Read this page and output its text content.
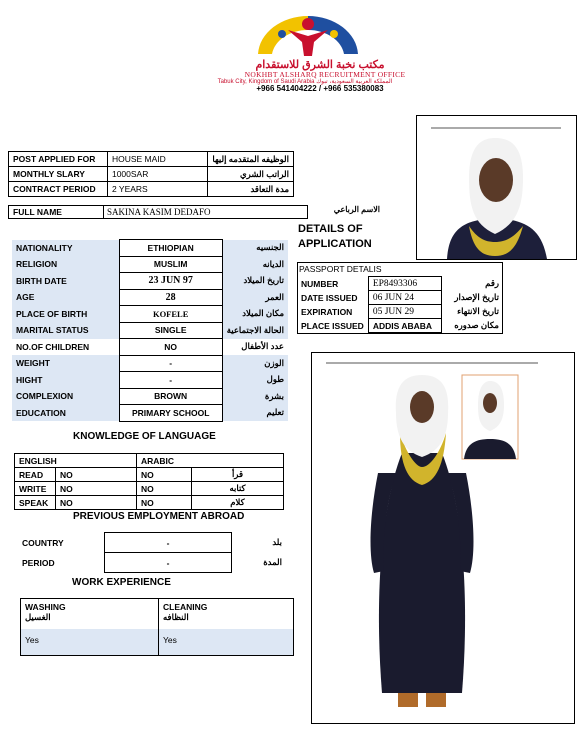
مكتب نخبة الشرق للاستقدام
NOKHBT ALSHARQ RECRUITMENT OFFICE
Tabuk City, Kingdom of Saudi Arabia المملكة العربية السعودية، تبوك
+966 541404222 / +966 535380083
POST APPLIED FOR	HOUSE MAID	الوظيفه المتقدمه إليها
MONTHLY SLARY	1000SAR	الراتب الشري
CONTRACT PERIOD	2 YEARS	مدة التعاقد
FULL NAME	SAKINA KASIM DEDAFO	الاسم الرباعي
DETAILS OF
APPLICATION
NATIONALITY	ETHIOPIAN	الجنسيه
RELIGION	MUSLIM	الديانه
BIRTH DATE	23 JUN 97	تاريخ الميلاد
AGE	28	العمر
PLACE OF BIRTH	KOFELE	مكان الميلاد
MARITAL STATUS	SINGLE	الحالة الاجتماعية
NO.OF CHILDREN	NO	عدد الأطفال
WEIGHT	-	الوزن
HIGHT	-	طول
COMPLEXION	BROWN	بشرة
EDUCATION	PRIMARY SCHOOL	تعليم
PASSPORT DETALIS
NUMBER	EP8493306	رقم
DATE ISSUED	06 JUN 24	تاريخ الإصدار
EXPIRATION	05 JUN 29	تاريخ الانتهاء
PLACE ISSUED	ADDIS ABABA	مكان صدوره
KNOWLEDGE OF LANGUAGE
ENGLISH		ARABIC	
READ	NO	NO	قرأ
WRITE	NO	NO	كتابه
SPEAK	NO	NO	كلام
PREVIOUS EMPLOYMENT ABROAD
COUNTRY	-	بلد
PERIOD	-	المدة
WORK EXPERIENCE
WASHING
الغسيل
Yes
CLEANING
النظافه
Yes
